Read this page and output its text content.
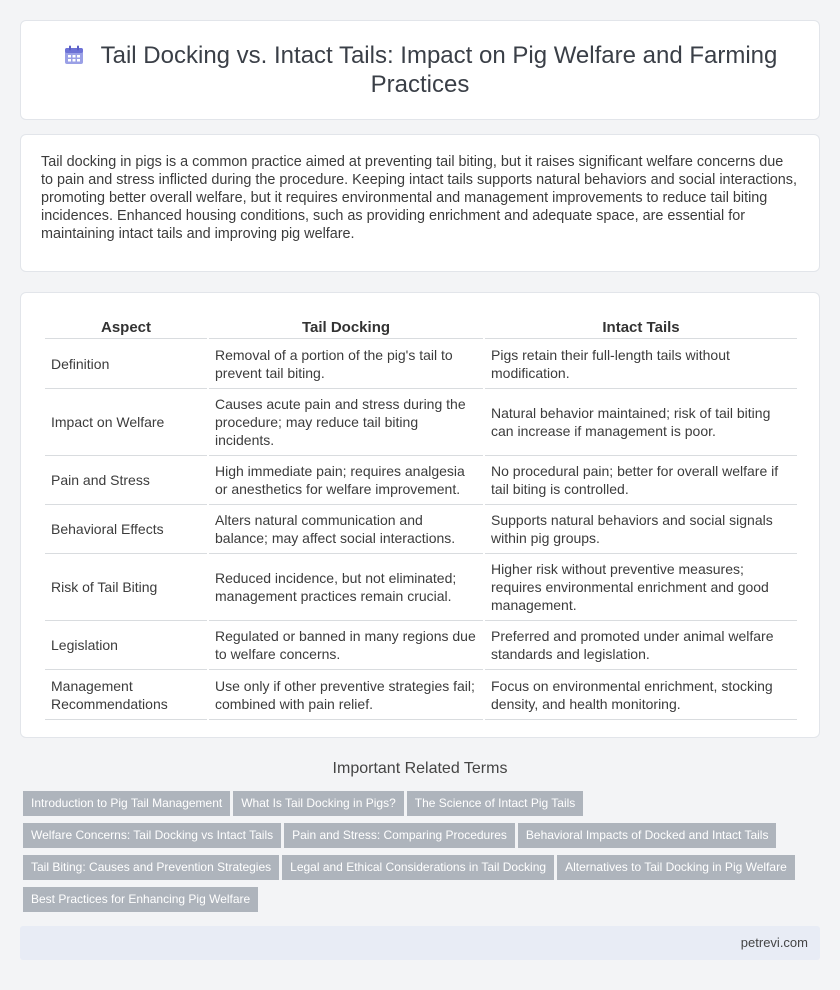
Tail Docking vs. Intact Tails: Impact on Pig Welfare and Farming Practices

Tail docking in pigs is a common practice aimed at preventing tail biting, but it raises significant welfare concerns due to pain and stress inflicted during the procedure. Keeping intact tails supports natural behaviors and social interactions, promoting better overall welfare, but it requires environmental and management improvements to reduce tail biting incidences. Enhanced housing conditions, such as providing enrichment and adequate space, are essential for maintaining intact tails and improving pig welfare.

Aspect	Tail Docking	Intact Tails
Definition	Removal of a portion of the pig's tail to prevent tail biting.	Pigs retain their full-length tails without modification.
Impact on Welfare	Causes acute pain and stress during the procedure; may reduce tail biting incidents.	Natural behavior maintained; risk of tail biting can increase if management is poor.
Pain and Stress	High immediate pain; requires analgesia or anesthetics for welfare improvement.	No procedural pain; better for overall welfare if tail biting is controlled.
Behavioral Effects	Alters natural communication and balance; may affect social interactions.	Supports natural behaviors and social signals within pig groups.
Risk of Tail Biting	Reduced incidence, but not eliminated; management practices remain crucial.	Higher risk without preventive measures; requires environmental enrichment and good management.
Legislation	Regulated or banned in many regions due to welfare concerns.	Preferred and promoted under animal welfare standards and legislation.
Management Recommendations	Use only if other preventive strategies fail; combined with pain relief.	Focus on environmental enrichment, stocking density, and health monitoring.
Important Related Terms
Introduction to Pig Tail Management What Is Tail Docking in Pigs? The Science of Intact Pig Tails
Welfare Concerns: Tail Docking vs Intact Tails Pain and Stress: Comparing Procedures Behavioral Impacts of Docked and Intact Tails
Tail Biting: Causes and Prevention Strategies Legal and Ethical Considerations in Tail Docking Alternatives to Tail Docking in Pig Welfare
Best Practices for Enhancing Pig Welfare
petrevi.com
